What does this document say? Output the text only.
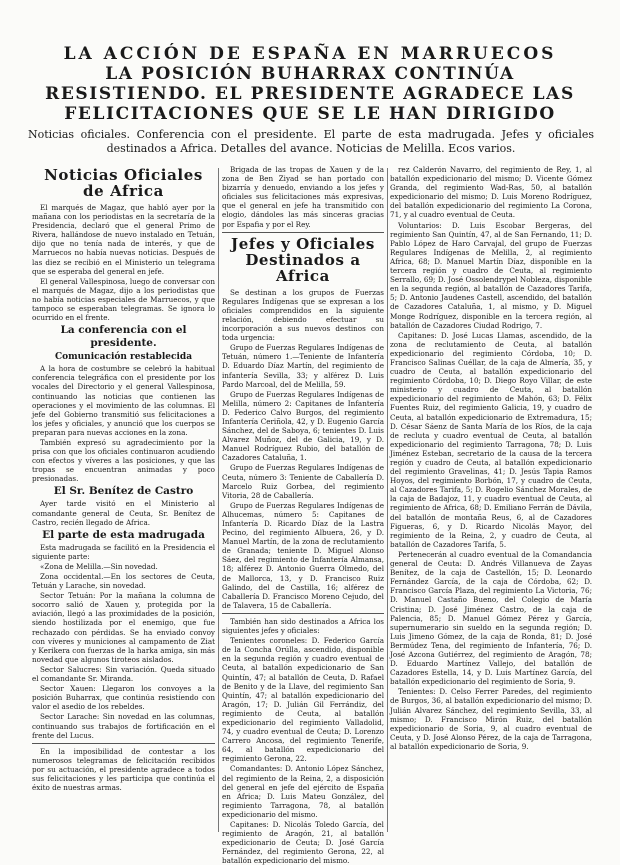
LA ACCIÓN DE ESPAÑA EN MARRUECOS
LA POSICIÓN BUHARRAX CONTINÚA RESISTIENDO. EL PRESIDENTE AGRADECE LAS FELICITACIONES QUE SE LE HAN DIRIGIDO
Noticias oficiales. Conferencia con el presidente. El parte de esta madrugada. Jefes y oficiales destinados a Africa. Detalles del avance. Noticias de Melilla. Ecos varios.
Noticias Oficiales de Africa

El marqués de Magaz, que habló ayer por la mañana con los periodistas en la secretaría de la Presidencia, declaró que el general Primo de Rivera, hallándose de nuevo instalado en Tetuán, dijo que no tenía nada de interés, y que de Marruecos no había nuevas noticias. Después de las diez se recibió en el Ministerio un telegrama que se esperaba del general en jefe.

El general Vallespinosa, luego de conversar con el marqués de Magaz, dijo a los periodistas que no había noticias especiales de Marruecos, y que tampoco se esperaban telegramas. Se ignora lo ocurrido en el frente.

La conferencia con el presidente.
Comunicación restablecida

A la hora de costumbre se celebró la habitual conferencia telegráfica con el presidente por los vocales del Directorio y el general Vallespinosa, continuando las noticias que contienen las operaciones y el movimiento de las columnas. El jefe del Gobierno transmitió sus felicitaciones a los jefes y oficiales, y anunció que los cuerpos se preparan para nuevas acciones en la zona.

También expresó su agradecimiento por la prisa con que los oficiales continuaron acudiendo con efectos y víveres a las posiciones, y que las tropas se encuentran animadas y poco presionadas.

El Sr. Benítez de Castro

Ayer tarde visitó en el Ministerio al comandante general de Ceuta, Sr. Benítez de Castro, recién llegado de Africa.

El parte de esta madrugada

Esta madrugada se facilitó en la Presidencia el siguiente parte:

«Zona de Melilla.—Sin novedad.

Zona occidental.—En los sectores de Ceuta, Tetuán y Larache, sin novedad.

Sector Tetuán: Por la mañana la columna de socorro salió de Xauen y, protegida por la aviación, llegó a las proximidades de la posición, siendo hostilizada por el enemigo, que fue rechazado con pérdidas. Se ha enviado convoy con víveres y municiones al campamento de Ziat y Kerikera con fuerzas de la harka amiga, sin más novedad que algunos tiroteos aislados.

Sector Salucres: Sin variación. Queda situado el comandante Sr. Miranda.

Sector Xauen: Llegaron los convoyes a la posición Buharrax, que continúa resistiendo con valor el asedio de los rebeldes.

Sector Larache: Sin novedad en las columnas, continuando sus trabajos de fortificación en el frente del Lucus.

En la imposibilidad de contestar a los numerosos telegramas de felicitación recibidos por su actuación, el presidente agradece a todos sus felicitaciones y les participa que continúa el éxito de nuestras armas.

Brigada de las tropas de Xauen y de la zona de Ben Ziyad se han portado con bizarría y denuedo, enviando a los jefes y oficiales sus felicitaciones más expresivas, que el general en jefe ha transmitido con elogio, dándoles las más sinceras gracias por Espafia y por el Rey.

Jefes y Oficiales Destinados a Africa

Se destinan a los grupos de Fuerzas Regulares Indígenas que se expresan a los oficiales comprendidos en la siguiente relación, debiendo efectuar su incorporación a sus nuevos destinos con toda urgencia:

Grupo de Fuerzas Regulares Indígenas de Tetuán, número 1.—Teniente de Infantería D. Eduardo Díaz Martín, del regimiento de infantería Sevilla, 33; y alférez D. Luis Pardo Marcoal, del de Melilla, 59.

Grupo de Fuerzas Regulares Indígenas de Melilla, número 2: Capitanes de Infantería D. Federico Calvo Burgos, del regimiento Infantería Ceriñola, 42, y D. Eugenio García Sánchez, del de Saboya, 6; tenientes D. Luis Alvarez Muñoz, del de Galicia, 19, y D. Manuel Rodríguez Rubio, del batallón de Cazadores Cataluña, 1.

Grupo de Fuerzas Regulares Indígenas de Ceuta, número 3: Teniente de Caballería D. Marcelo Ruiz Gorbea, del regimiento Vitoria, 28 de Caballería.

Grupo de Fuerzas Regulares Indígenas de Alhucemas, número 5: Capitanes de Infantería D. Ricardo Díaz de la Lastra Pecino, del regimiento Albuera, 26, y D. Manuel Martín, de la zona de reclutamiento de Granada; teniente D. Miguel Alonso Sáez, del regimiento de Infantería Almansa, 18; alférez D. Antonio Guerra Olmedo, del de Mallorca, 13, y D. Francisco Ruiz Galindo, del de Castilla, 16; alférez de Caballería D. Francisco Moreno Cejudo, del de Talavera, 15 de Caballería.

También han sido destinados a Africa los siguientes jefes y oficiales:

Tenientes coroneles: D. Federico García de la Concha Orúlla, ascendido, disponible en la segunda región y cuadro eventual de Ceuta, al batallón expedicionario de San Quintín, 47; al batallón de Ceuta, D. Rafael de Benito y de la Llave, del regimiento San Quintín, 47; al batallón expedicionario del Aragón, 17; D. Julián Gil Ferrándiz, del regimiento de Ceuta, al batallón expedicionario del regimiento Valladolid, 74, y cuadro eventual de Ceuta; D. Lorenzo Carrero Ancosa, del regimiento Tenerife, 64, al batallón expedicionario del regimiento Gerona, 22.

Comandantes: D. Antonio López Sánchez, del regimiento de la Reina, 2, a disposición del general en jefe del ejército de España en Africa; D. Luis Mateu González, del regimiento Tarragona, 78, al batallón expedicionario del mismo.

Capitanes: D. Nicolás Toledo García, del regimiento de Aragón, 21, al batallón expedicionario de Ceuta; D. José García Fernández, del regimiento Gerona, 22, al batallón expedicionario del mismo.

rez Calderón Navarro, del regimiento de Rey, 1, al batallón expedicionario del mismo; D. Vicente Gómez Granda, del regimiento Wad-Ras, 50, al batallón expedicionario del mismo; D. Luis Moreno Rodríguez, del batallón expedicionario del regimiento La Corona, 71, y al cuadro eventual de Ceuta.

Voluntarios: D. Luis Escobar Bergeras, del regimiento San Quintín, 47, al de San Fernando, 11; D. Pablo López de Haro Carvajal, del grupo de Fuerzas Regulares Indígenas de Melilla, 2, al regimiento Africa, 68; D. Manuel Martín Díaz, disponible en la tercera región y cuadro de Ceuta, al regimiento Serrallo, 69; D. José Ossolendrypel Nobleza, disponible en la segunda región, al batallón de Cazadores Tarifa, 5; D. Antonio Jaudenes Castell, ascendido, del batallón de Cazadores Cataluña, 1, al mismo, y D. Miguel Monge Rodríguez, disponible en la tercera región, al batallón de Cazadores Ciudad Rodrigo, 7.

Capitanes: D. José Lucas Llamas, ascendido, de la zona de reclutamiento de Ceuta, al batallón expedicionario del regimiento Córdoba, 10; D. Francisco Salinas Cuéllar, de la caja de Almería, 35, y cuadro de Ceuta, al batallón expedicionario del regimiento Córdoba, 10; D. Diego Royo Villar, de este ministerio y cuadro de Ceuta, al batallón expedicionario del regimiento de Mahón, 63; D. Félix Fuentes Ruiz, del regimiento Galicia, 19, y cuadro de Ceuta, al batallón expedicionario de Extremadura, 15; D. César Sáenz de Santa María de los Ríos, de la caja de recluta y cuadro eventual de Ceuta, al batallón expedicionario del regimiento Tarragona, 78; D. Luis Jiménez Esteban, secretario de la causa de la tercera región y cuadro de Ceuta, al batallón expedicionario del regimiento Gravelinas, 41; D. Jesús Tapia Ramos Hoyos, del regimiento Borbón, 17, y cuadro de Ceuta, al Cazadores Tarifa, 5; D. Rogelio Sánchez Morales, de la caja de Badajoz, 11, y cuadro eventual de Ceuta, al regimiento de Africa, 68; D. Emiliano Ferrán de Dávila, del batallón de montaña Reus, 6, al de Cazadores Figueras, 6, y D. Ricardo Nicolás Mayor, del regimiento de la Reina, 2, y cuadro de Ceuta, al batallón de Cazadores Tarifa, 5.

Pertenecerán al cuadro eventual de la Comandancia general de Ceuta: D. Andrés Villanueva de Zayas Benítez, de la caja de Castellón, 15; D. Leonardo Fernández García, de la caja de Córdoba, 62; D. Francisco García Plaza, del regimiento La Victoria, 76; D. Manuel Castaño Bueno, del Colegio de María Cristina; D. José Jiménez Castro, de la caja de Palencia, 85; D. Manuel Gómez Pérez y García, supernumerario sin sueldo en la segunda región; D. Luis Jimeno Gómez, de la caja de Ronda, 81; D. José Bermúdez Tena, del regimiento de Infantería, 76; D. José Azcona Gutiérrez, del regimiento de Aragón, 78; D. Eduardo Martínez Vallejo, del batallón de Cazadores Estella, 14, y D. Luis Martínez García, del batallón expedicionario del regimiento de Soria, 9.

Tenientes: D. Celso Ferrer Paredes, del regimiento de Burgos, 36, al batallón expedicionario del mismo; D. Julián Alvarez Sánchez, del regimiento Sevilla, 33, al mismo; D. Francisco Mirón Ruiz, del batallón expedicionario de Soria, 9, al cuadro eventual de Ceuta, y D. José Alonso Pérez, de la caja de Tarragona, al batallón expedicionario de Soria, 9.
